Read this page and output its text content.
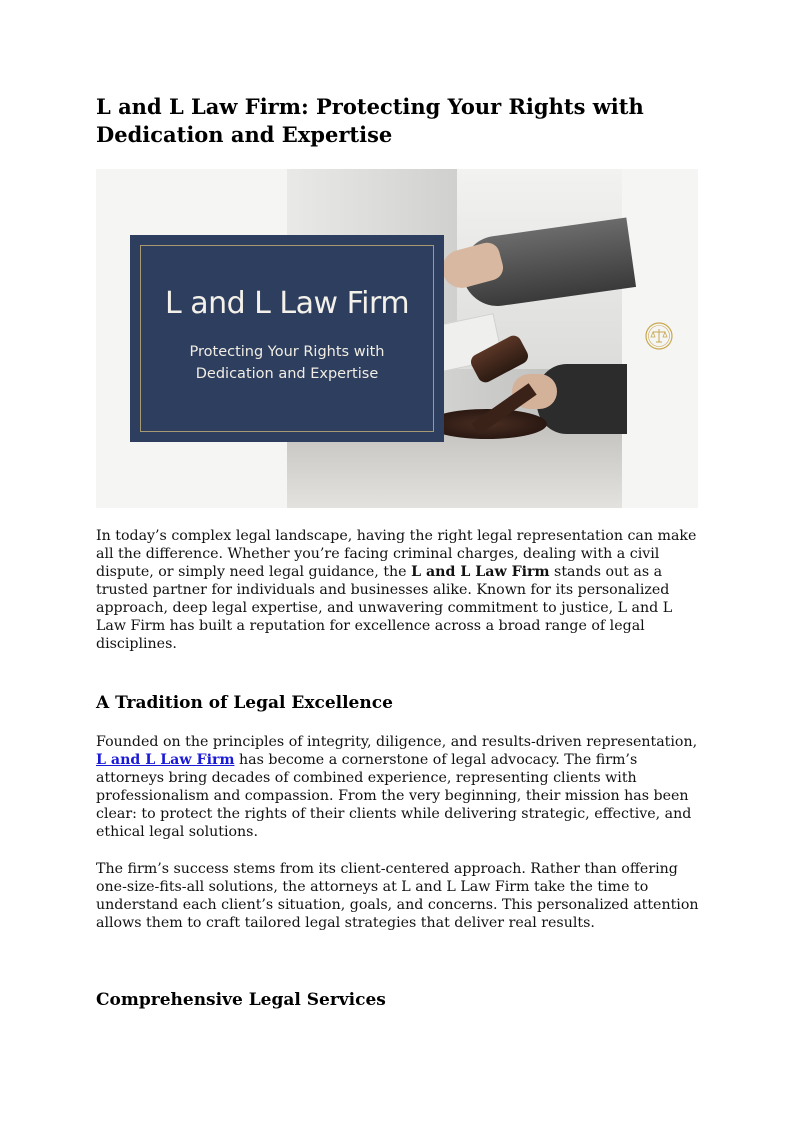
L and L Law Firm: Protecting Your Rights with Dedication and Expertise
L and L Law Firm
Protecting Your Rights with Dedication and Expertise

In today’s complex legal landscape, having the right legal representation can make all the difference. Whether you’re facing criminal charges, dealing with a civil dispute, or simply need legal guidance, the L and L Law Firm stands out as a trusted partner for individuals and businesses alike. Known for its personalized approach, deep legal expertise, and unwavering commitment to justice, L and L Law Firm has built a reputation for excellence across a broad range of legal disciplines.

A Tradition of Legal Excellence

Founded on the principles of integrity, diligence, and results-driven representation, L and L Law Firm has become a cornerstone of legal advocacy. The firm’s attorneys bring decades of combined experience, representing clients with professionalism and compassion. From the very beginning, their mission has been clear: to protect the rights of their clients while delivering strategic, effective, and ethical legal solutions.

The firm’s success stems from its client-centered approach. Rather than offering one-size-fits-all solutions, the attorneys at L and L Law Firm take the time to understand each client’s situation, goals, and concerns. This personalized attention allows them to craft tailored legal strategies that deliver real results.

Comprehensive Legal Services
